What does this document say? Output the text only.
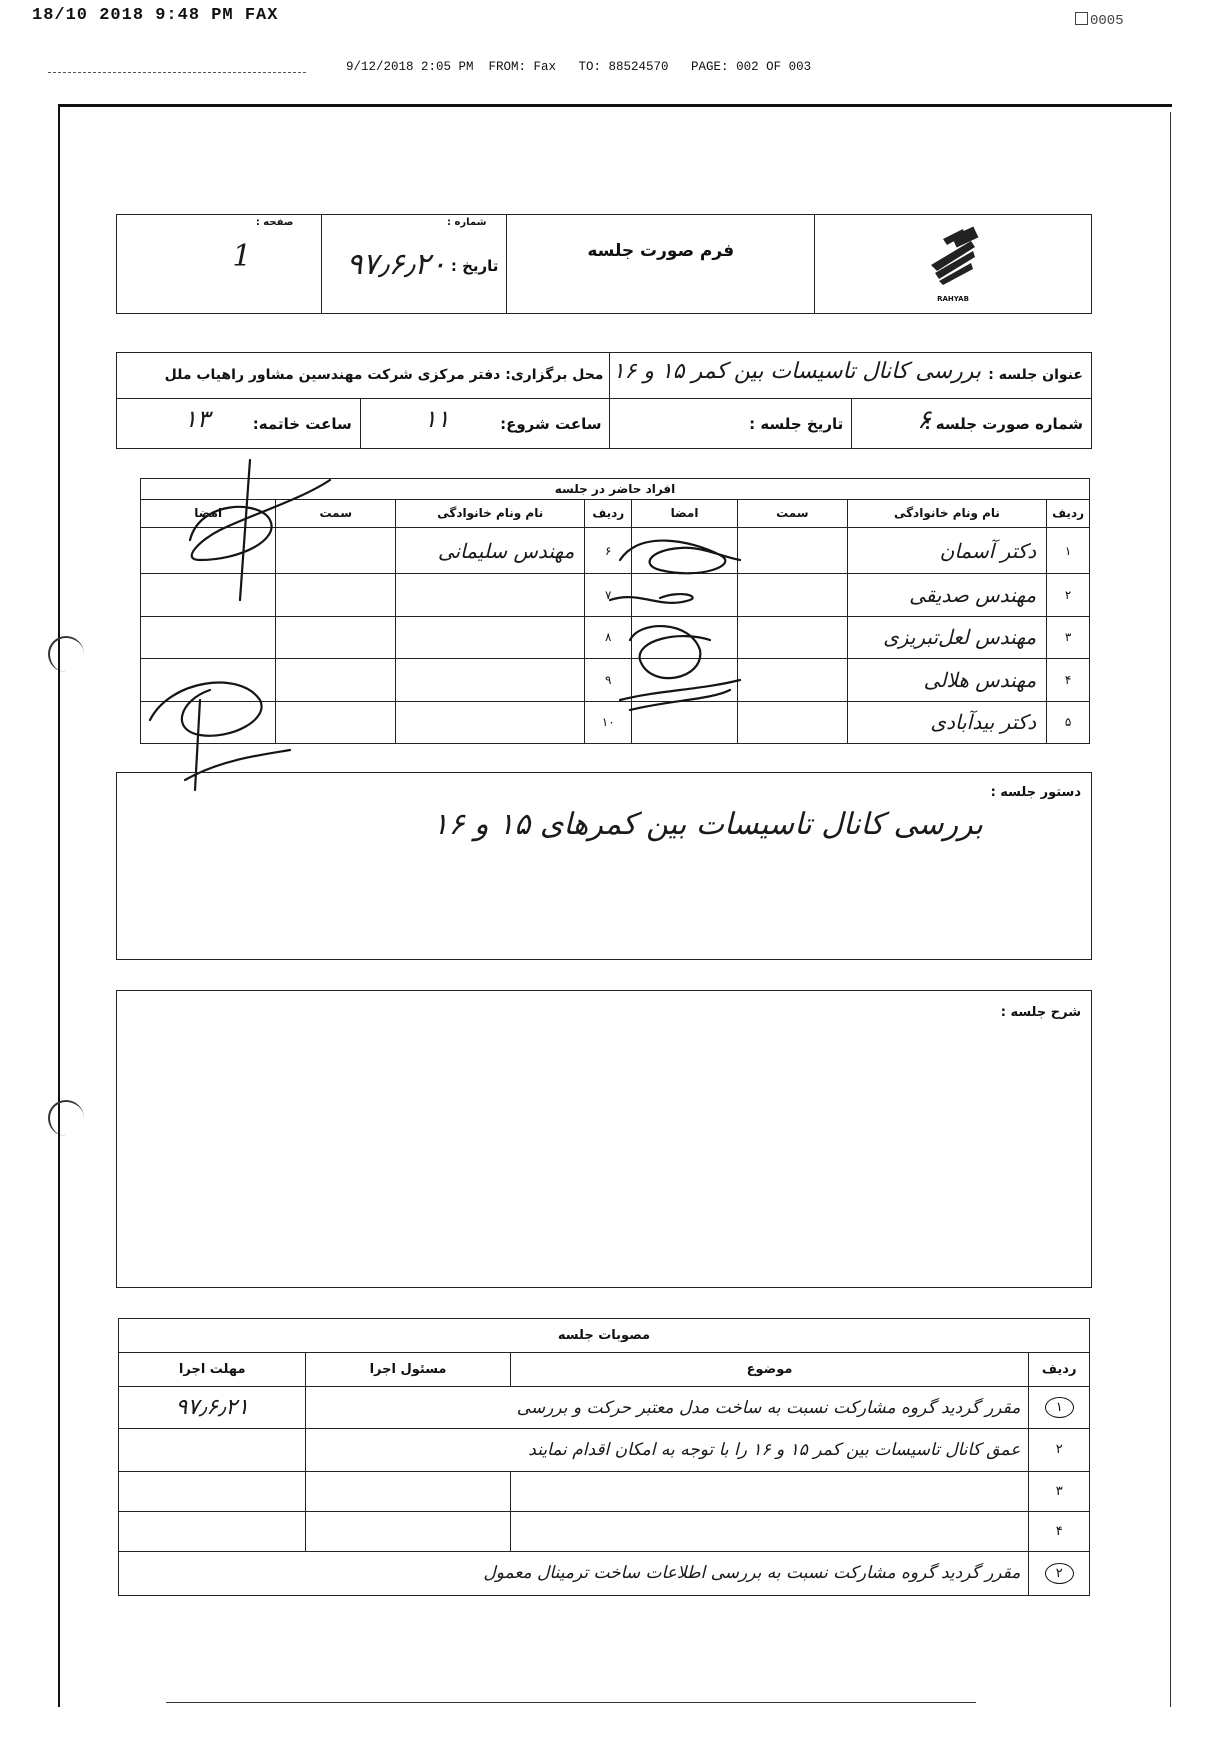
18/10 2018 9:48 PM FAX	0005
9/12/2018 2:05 PM  FROM: Fax   TO: 88524570   PAGE: 002 OF 003
RAHYAB
	فرم صورت جلسه	
شماره :
تاریخ :
۹۷٫۶٫۲۰

صفحه :
1
عنوان جلسه :
بررسی کانال تاسیسات بین کمر ۱۵ و ۱۶		محل برگزاری: دفتر مرکزی شرکت مهندسین مشاور راهیاب ملل	

شماره صورت جلسه :
۶	تاریخ جلسه :	ساعت شروع:
۱۱	ساعت خاتمه:
۱۳
افراد حاضر در جلسه							
ردیف	نام ونام خانوادگی	سمت	امضا	ردیف	نام ونام خانوادگی	سمت	امضا
۱	دکتر آسمان			۶	مهندس سلیمانی		
۲	مهندس صدیقی			۷			
۳	مهندس لعل‌تبریزی			۸			
۴	مهندس هلالی			۹			
۵	دکتر بیدآبادی			۱۰			
دستور جلسه :
بررسی کانال تاسیسات بین کمرهای ۱۵ و ۱۶
شرح جلسه :
مصوبات جلسه			
ردیف	موضوع	مسئول اجرا	مهلت اجرا
۱	مقرر گردید گروه مشارکت نسبت به ساخت مدل معتبر حرکت و بررسی		۹۷٫۶٫۲۱
۲	عمق کانال تاسیسات بین کمر ۱۵ و ۱۶ را با توجه به امکان اقدام نمایند		
۳			
۴			
۲	مقرر گردید گروه مشارکت نسبت به بررسی اطلاعات ساخت ترمینال معمول		
